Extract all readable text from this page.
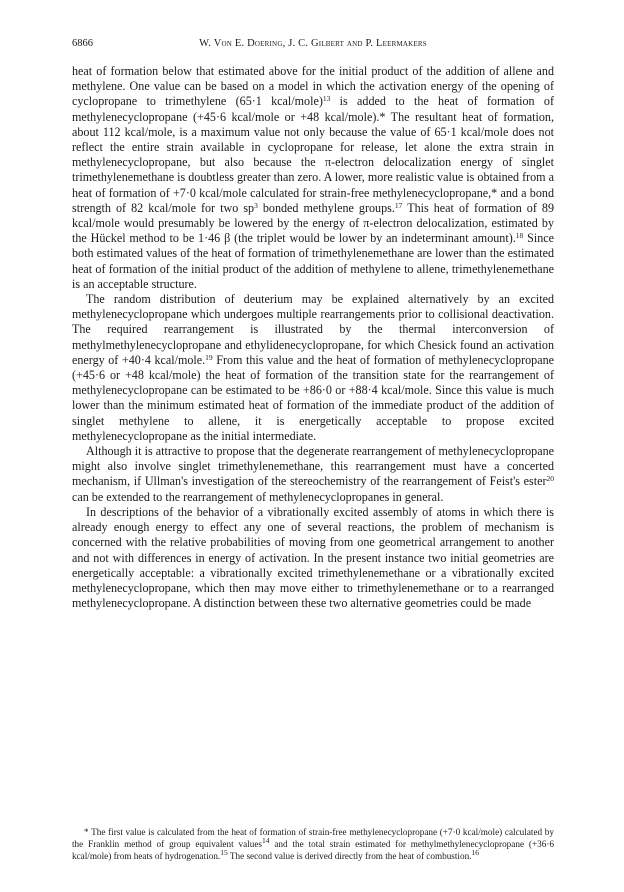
6866	W. Von E. Doering, J. C. Gilbert and P. Leermakers

heat of formation below that estimated above for the initial product of the addition of allene and methylene. One value can be based on a model in which the activation energy of the opening of cyclopropane to trimethylene (65·1 kcal/mole)$^{13}$ is added to the heat of formation of methylenecyclopropane (+45·6 kcal/mole or +48 kcal/mole).* The resultant heat of formation, about 112 kcal/mole, is a maximum value not only because the value of 65·1 kcal/mole does not reflect the entire strain available in cyclopropane for release, let alone the extra strain in methylenecyclopropane, but also because the π-electron delocalization energy of singlet trimethylenemethane is doubtless greater than zero. A lower, more realistic value is obtained from a heat of formation of +7·0 kcal/mole calculated for strain-free methylenecyclopropane,* and a bond strength of 82 kcal/mole for two $sp^3$ bonded methylene groups.$^{17}$ This heat of formation of 89 kcal/mole would presumably be lowered by the energy of π-electron delocalization, estimated by the Hückel method to be 1·46 β (the triplet would be lower by an indeterminant amount).$^{18}$ Since both estimated values of the heat of formation of trimethylenemethane are lower than the estimated heat of formation of the initial product of the addition of methylene to allene, trimethylenemethane is an acceptable structure.

The random distribution of deuterium may be explained alternatively by an excited methylenecyclopropane which undergoes multiple rearrangements prior to collisional deactivation. The required rearrangement is illustrated by the thermal interconversion of methylmethylenecyclopropane and ethylidenecyclopropane, for which Chesick found an activation energy of +40·4 kcal/mole.$^{19}$ From this value and the heat of formation of methylenecyclopropane (+45·6 or +48 kcal/mole) the heat of formation of the transition state for the rearrangement of methylenecyclopropane can be estimated to be +86·0 or +88·4 kcal/mole. Since this value is much lower than the minimum estimated heat of formation of the immediate product of the addition of singlet methylene to allene, it is energetically acceptable to propose excited methylenecyclopropane as the initial intermediate.

Although it is attractive to propose that the degenerate rearrangement of methylenecyclopropane might also involve singlet trimethylenemethane, this rearrangement must have a concerted mechanism, if Ullman's investigation of the stereochemistry of the rearrangement of Feist's ester$^{20}$ can be extended to the rearrangement of methylenecyclopropanes in general.

In descriptions of the behavior of a vibrationally excited assembly of atoms in which there is already enough energy to effect any one of several reactions, the problem of mechanism is concerned with the relative probabilities of moving from one geometrical arrangement to another and not with differences in energy of activation. In the present instance two initial geometries are energetically acceptable: a vibrationally excited trimethylenemethane or a vibrationally excited methylenecyclopropane, which then may move either to trimethylenemethane or to a rearranged methylenecyclopropane. A distinction between these two alternative geometries could be made

* The first value is calculated from the heat of formation of strain-free methylenecyclopropane (+7·0 kcal/mole) calculated by the Franklin method of group equivalent values$^{14}$ and the total strain estimated for methylmethylenecyclopropane (+36·6 kcal/mole) from heats of hydrogenation.$^{15}$ The second value is derived directly from the heat of combustion.$^{16}$
